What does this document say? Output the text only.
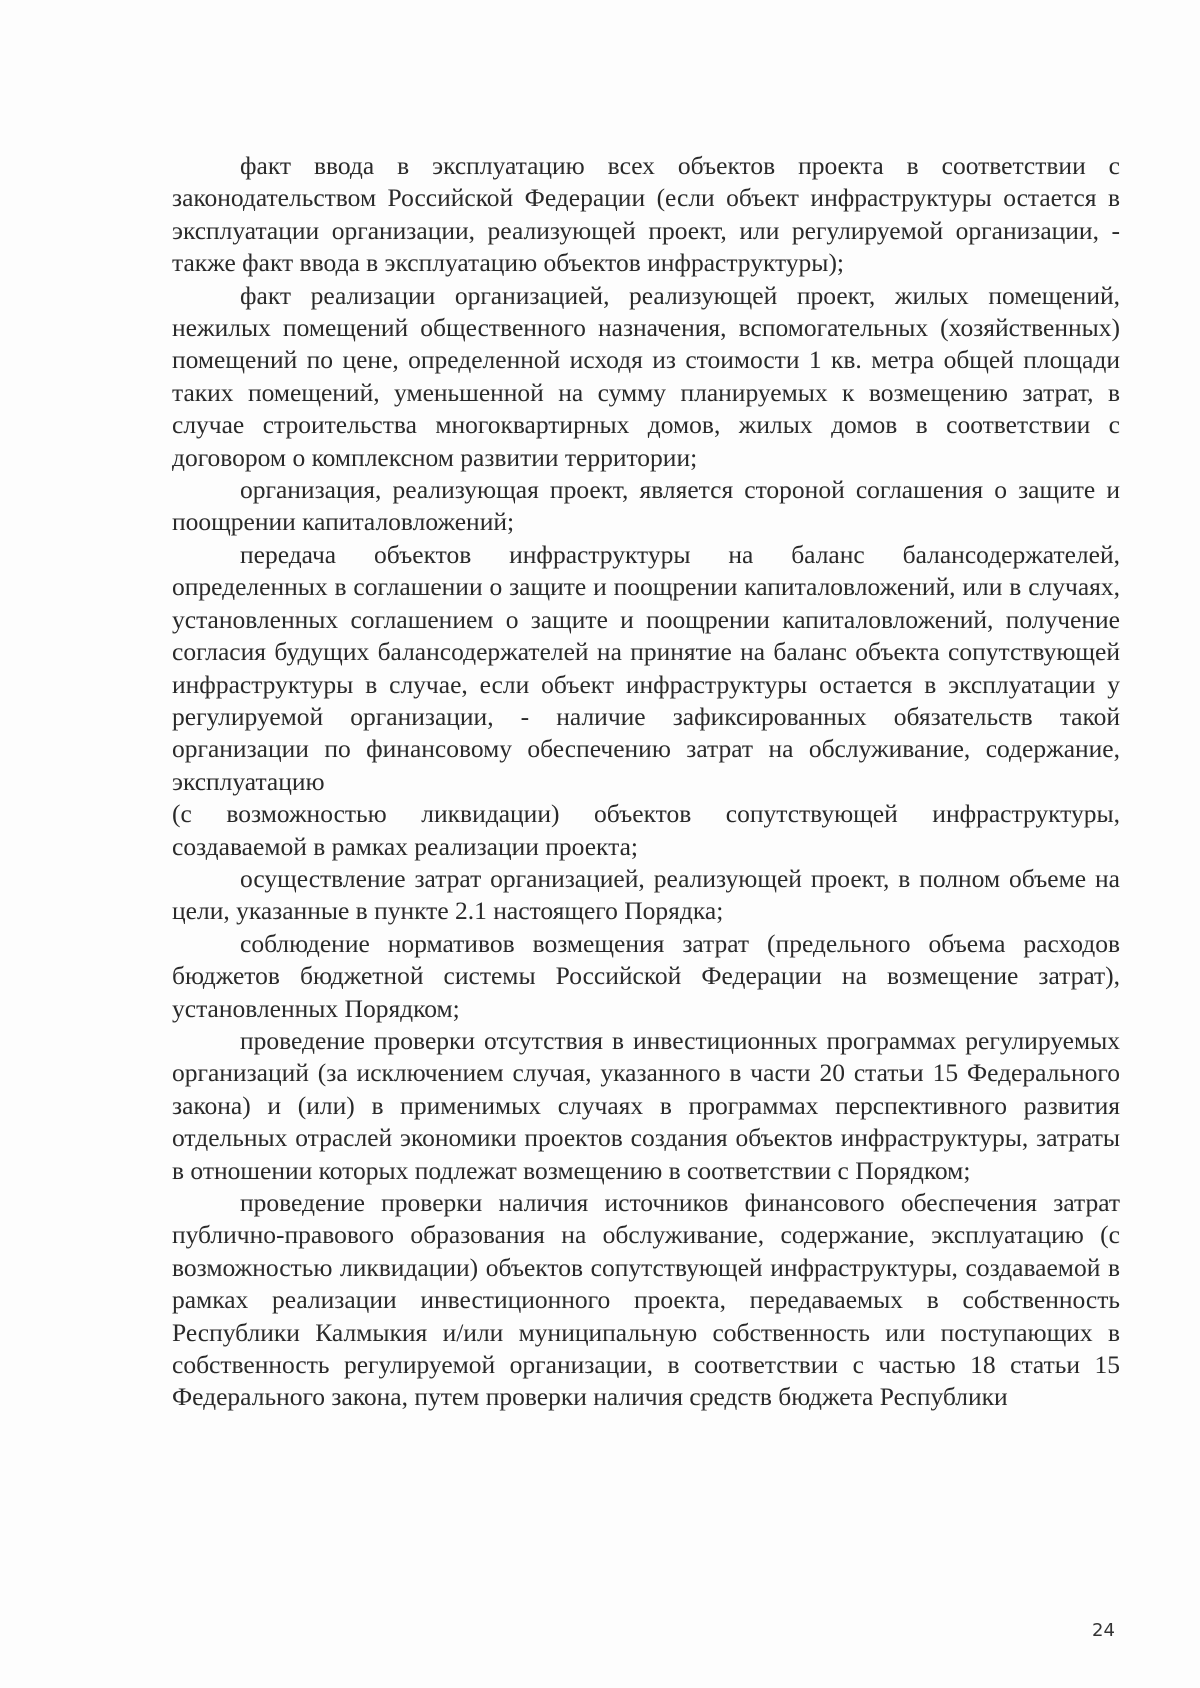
факт ввода в эксплуатацию всех объектов проекта в соответствии с законодательством Российской Федерации (если объект инфраструктуры остается в эксплуатации организации, реализующей проект, или регулируемой организации, - также факт ввода в эксплуатацию объектов инфраструктуры);

факт реализации организацией, реализующей проект, жилых помещений, нежилых помещений общественного назначения, вспомогательных (хозяйственных) помещений по цене, определенной исходя из стоимости 1 кв. метра общей площади таких помещений, уменьшенной на сумму планируемых к возмещению затрат, в случае строительства многоквартирных домов, жилых домов в соответствии с договором о комплексном развитии территории;

организация, реализующая проект, является стороной соглашения о защите и поощрении капиталовложений;

передача объектов инфраструктуры на баланс балансодержателей, определенных в соглашении о защите и поощрении капиталовложений, или в случаях, установленных соглашением о защите и поощрении капиталовложений, получение согласия будущих балансодержателей на принятие на баланс объекта сопутствующей инфраструктуры в случае, если объект инфраструктуры остается в эксплуатации у регулируемой организации, - наличие зафиксированных обязательств такой организации по финансовому обеспечению затрат на обслуживание, содержание, эксплуатацию

(с возможностью ликвидации) объектов сопутствующей инфраструктуры, создаваемой в рамках реализации проекта;

осуществление затрат организацией, реализующей проект, в полном объеме на цели, указанные в пункте 2.1 настоящего Порядка;

соблюдение нормативов возмещения затрат (предельного объема расходов бюджетов бюджетной системы Российской Федерации на возмещение затрат), установленных Порядком;

проведение проверки отсутствия в инвестиционных программах регулируемых организаций (за исключением случая, указанного в части 20 статьи 15 Федерального закона) и (или) в применимых случаях в программах перспективного развития отдельных отраслей экономики проектов создания объектов инфраструктуры, затраты в отношении которых подлежат возмещению в соответствии с Порядком;

проведение проверки наличия источников финансового обеспечения затрат публично-правового образования на обслуживание, содержание, эксплуатацию (с возможностью ликвидации) объектов сопутствующей инфраструктуры, создаваемой в рамках реализации инвестиционного проекта, передаваемых в собственность Республики Калмыкия и/или муниципальную собственность или поступающих в собственность регулируемой организации, в соответствии с частью 18 статьи 15 Федерального закона, путем проверки наличия средств бюджета Республики

24
